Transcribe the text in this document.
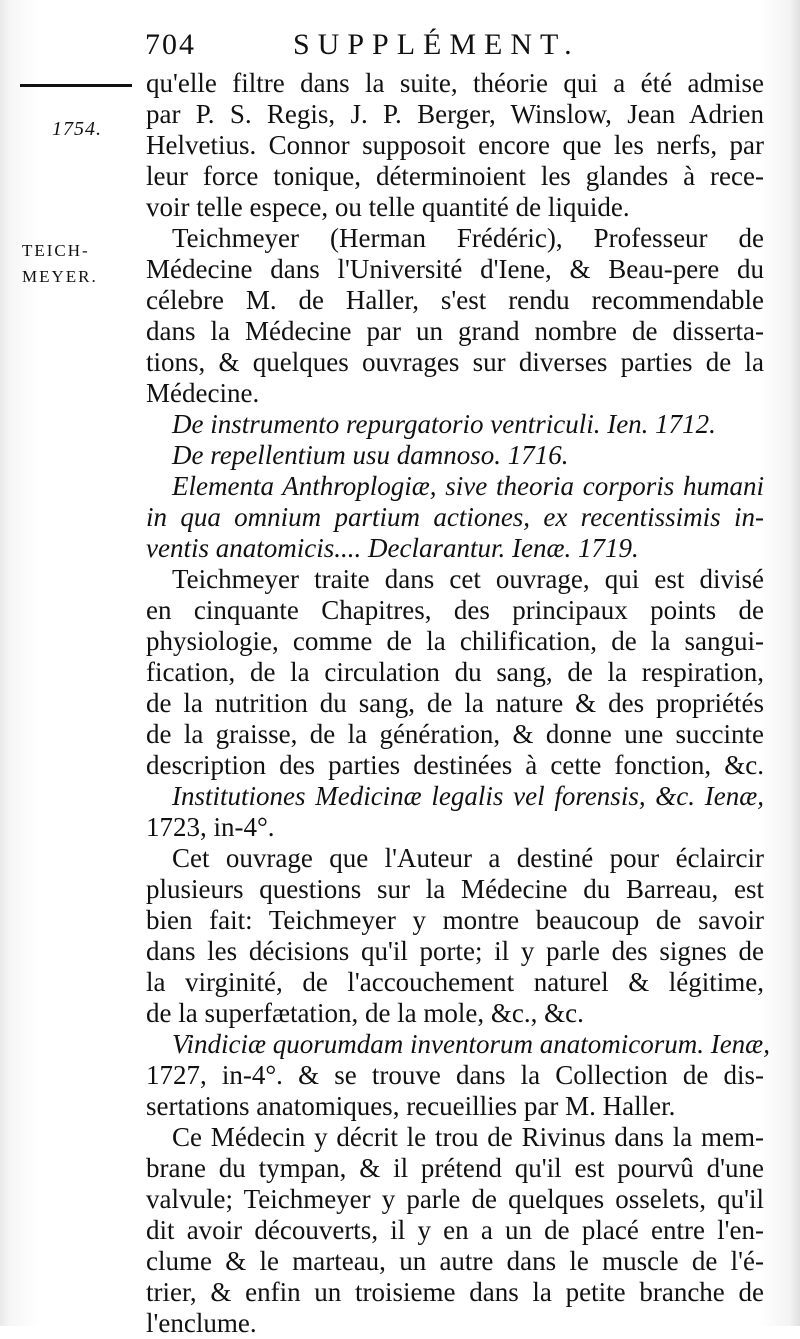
704	SUPPLÉMENT.
1754.
TEICH-
MEYER.
qu'elle filtre dans la suite, théorie qui a été admise
par P. S. Regis, J. P. Berger, Winslow, Jean Adrien
Helvetius. Connor supposoit encore que les nerfs, par
leur force tonique, déterminoient les glandes à rece-
voir telle espece, ou telle quantité de liquide.
Teichmeyer (Herman Frédéric), Professeur de
Médecine dans l'Université d'Iene, & Beau-pere du
célebre M. de Haller, s'est rendu recommendable
dans la Médecine par un grand nombre de disserta-
tions, & quelques ouvrages sur diverses parties de la
Médecine.
De instrumento repurgatorio ventriculi. Ien. 1712.
De repellentium usu damnoso. 1716.
Elementa Anthroplogiæ, sive theoria corporis humani
in qua omnium partium actiones, ex recentissimis in-
ventis anatomicis.... Declarantur. Ienæ. 1719.
Teichmeyer traite dans cet ouvrage, qui est divisé
en cinquante Chapitres, des principaux points de
physiologie, comme de la chilification, de la sangui-
fication, de la circulation du sang, de la respiration,
de la nutrition du sang, de la nature & des propriétés
de la graisse, de la génération, & donne une succinte
description des parties destinées à cette fonction, &c.
Institutiones Medicinæ legalis vel forensis, &c. Ienæ,
1723, in-4°.
Cet ouvrage que l'Auteur a destiné pour éclaircir
plusieurs questions sur la Médecine du Barreau, est
bien fait: Teichmeyer y montre beaucoup de savoir
dans les décisions qu'il porte; il y parle des signes de
la virginité, de l'accouchement naturel & légitime,
de la superfætation, de la mole, &c., &c.
Vindiciæ quorumdam inventorum anatomicorum. Ienæ,
1727, in-4°. & se trouve dans la Collection de dis-
sertations anatomiques, recueillies par M. Haller.
Ce Médecin y décrit le trou de Rivinus dans la mem-
brane du tympan, & il prétend qu'il est pourvû d'une
valvule; Teichmeyer y parle de quelques osselets, qu'il
dit avoir découverts, il y en a un de placé entre l'en-
clume & le marteau, un autre dans le muscle de l'é-
trier, & enfin un troisieme dans la petite branche de
l'enclume.
